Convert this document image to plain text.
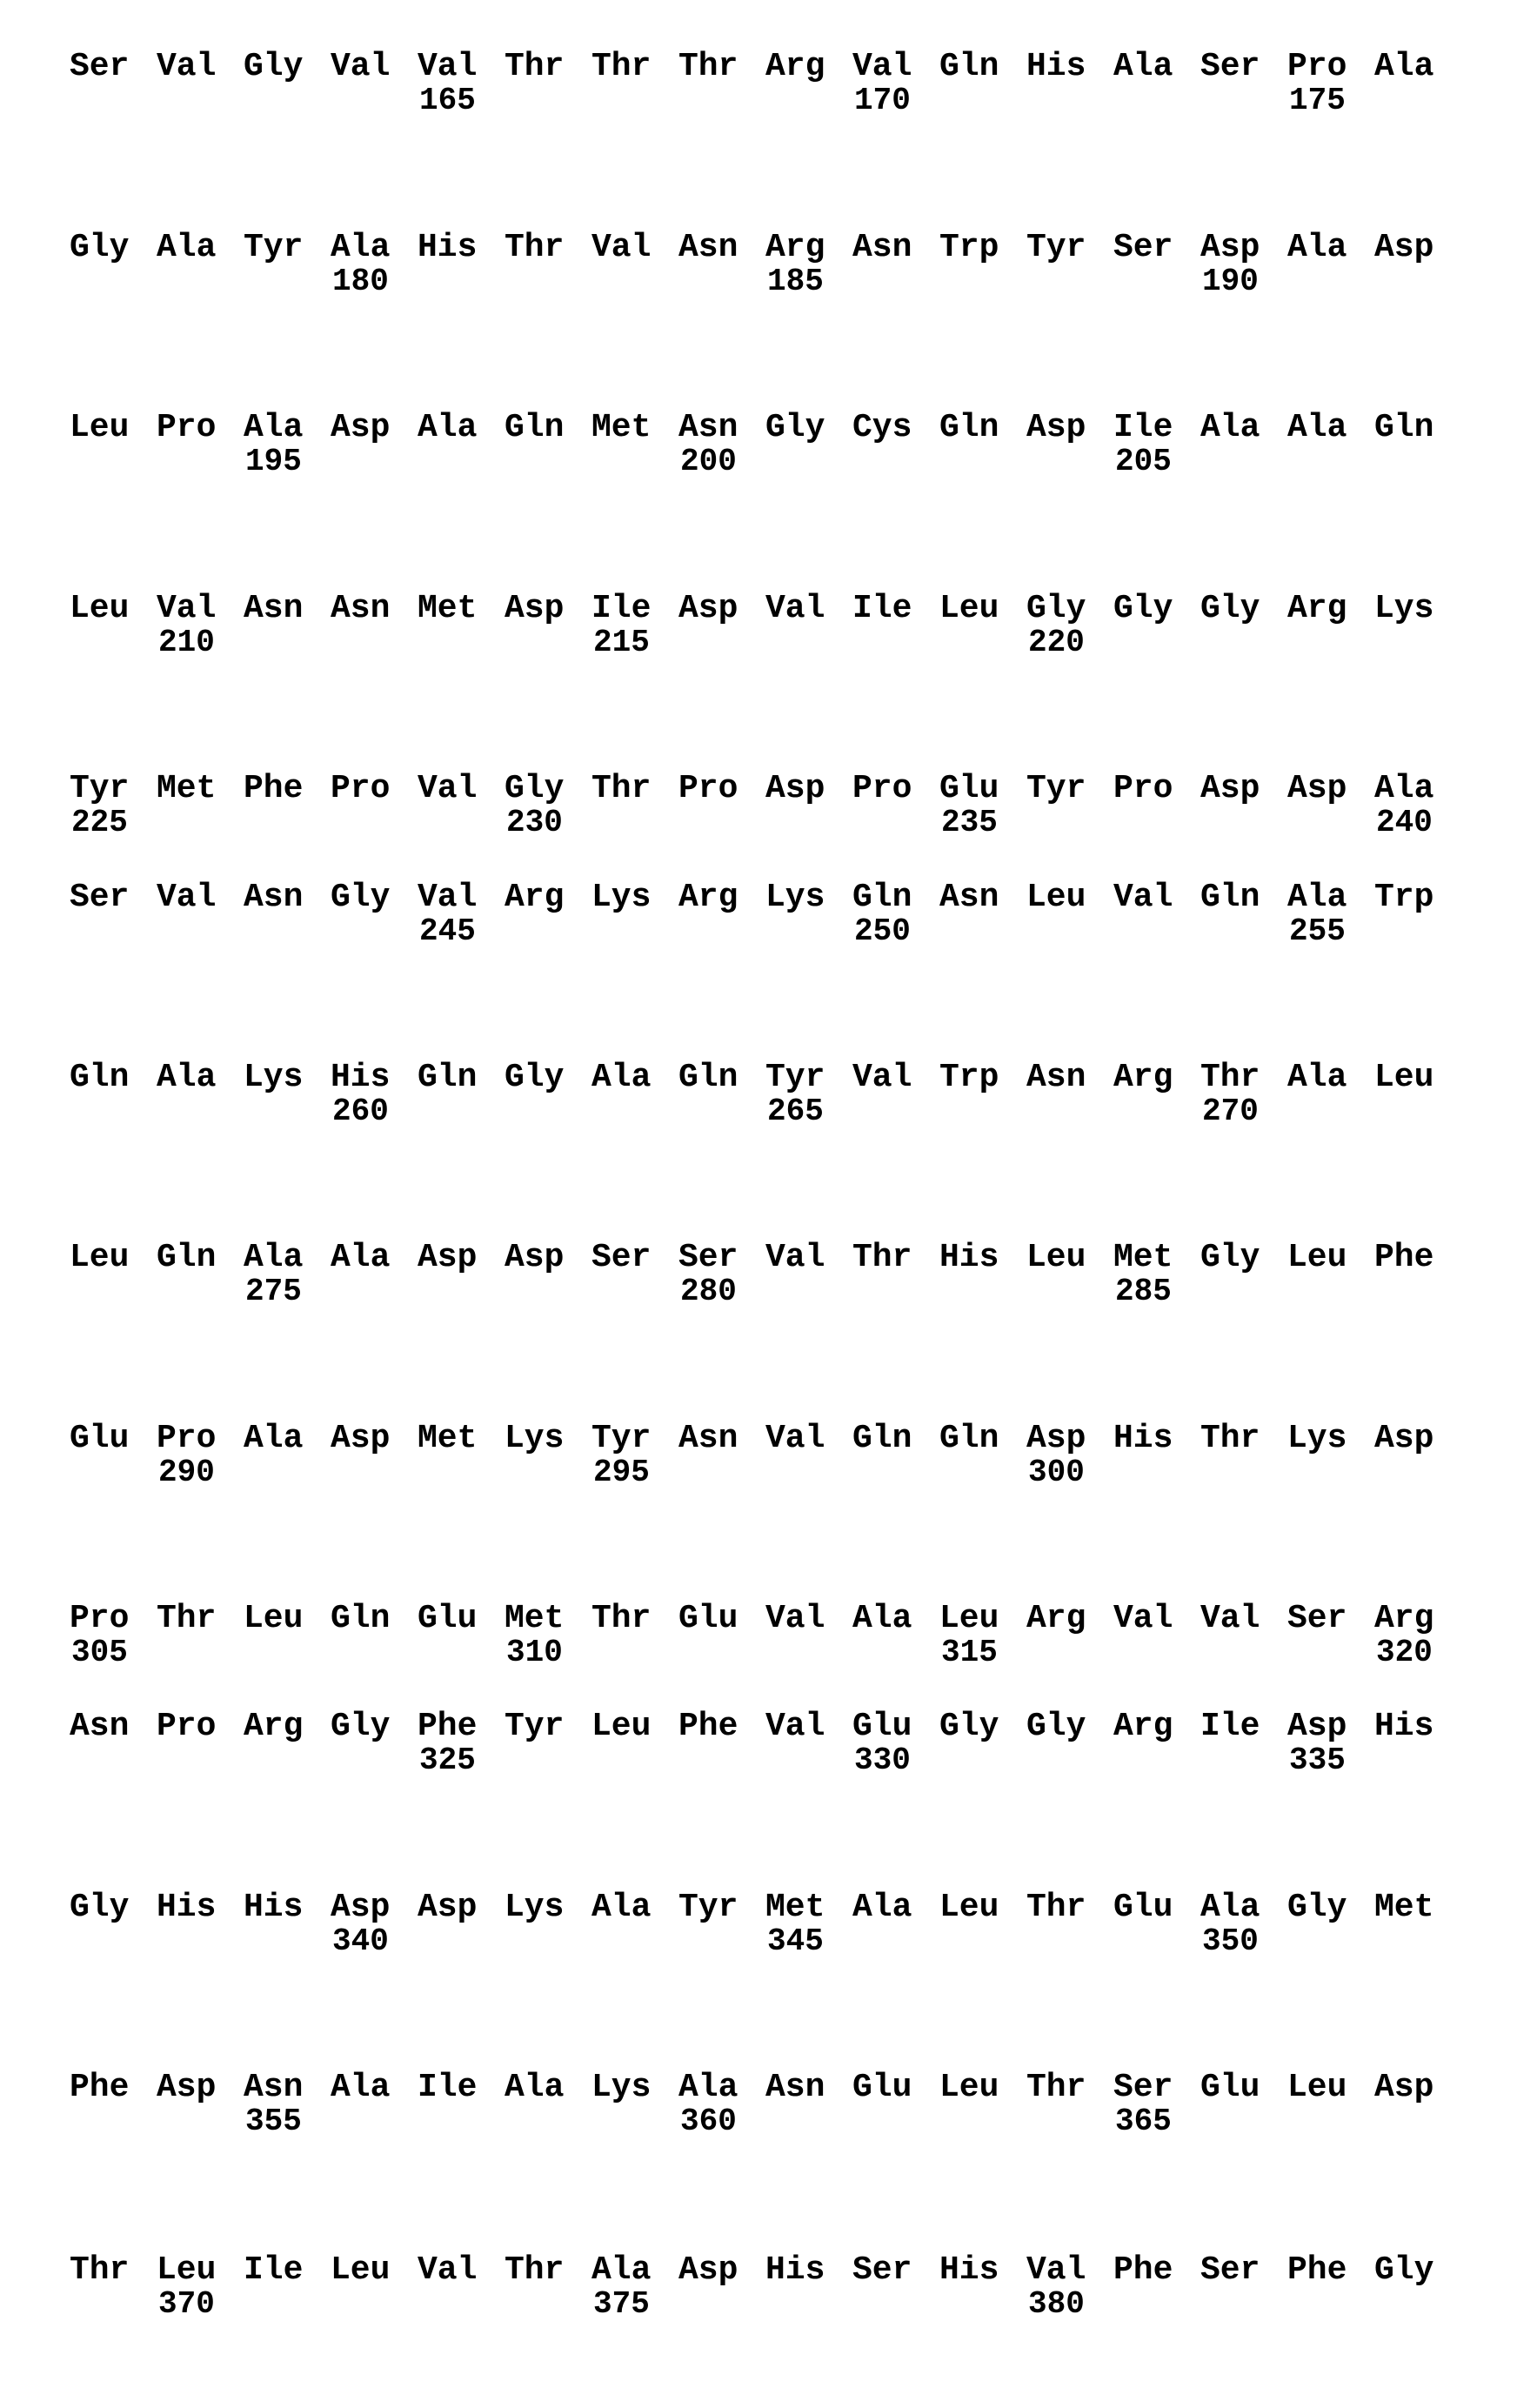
Ser Val Gly Val Val Thr Thr Thr Arg Val Gln His Ala Ser Pro Ala
165	170	175
Gly Ala Tyr Ala His Thr Val Asn Arg Asn Trp Tyr Ser Asp Ala Asp
180	185	190
Leu Pro Ala Asp Ala Gln Met Asn Gly Cys Gln Asp Ile Ala Ala Gln
195	200	205
Leu Val Asn Asn Met Asp Ile Asp Val Ile Leu Gly Gly Gly Arg Lys
210	215	220
Tyr Met Phe Pro Val Gly Thr Pro Asp Pro Glu Tyr Pro Asp Asp Ala
225	230	235	240
Ser Val Asn Gly Val Arg Lys Arg Lys Gln Asn Leu Val Gln Ala Trp
245	250	255
Gln Ala Lys His Gln Gly Ala Gln Tyr Val Trp Asn Arg Thr Ala Leu
260	265	270
Leu Gln Ala Ala Asp Asp Ser Ser Val Thr His Leu Met Gly Leu Phe
275	280	285
Glu Pro Ala Asp Met Lys Tyr Asn Val Gln Gln Asp His Thr Lys Asp
290	295	300
Pro Thr Leu Gln Glu Met Thr Glu Val Ala Leu Arg Val Val Ser Arg
305	310	315	320
Asn Pro Arg Gly Phe Tyr Leu Phe Val Glu Gly Gly Arg Ile Asp His
325	330	335
Gly His His Asp Asp Lys Ala Tyr Met Ala Leu Thr Glu Ala Gly Met
340	345	350
Phe Asp Asn Ala Ile Ala Lys Ala Asn Glu Leu Thr Ser Glu Leu Asp
355	360	365
Thr Leu Ile Leu Val Thr Ala Asp His Ser His Val Phe Ser Phe Gly
370	375	380
